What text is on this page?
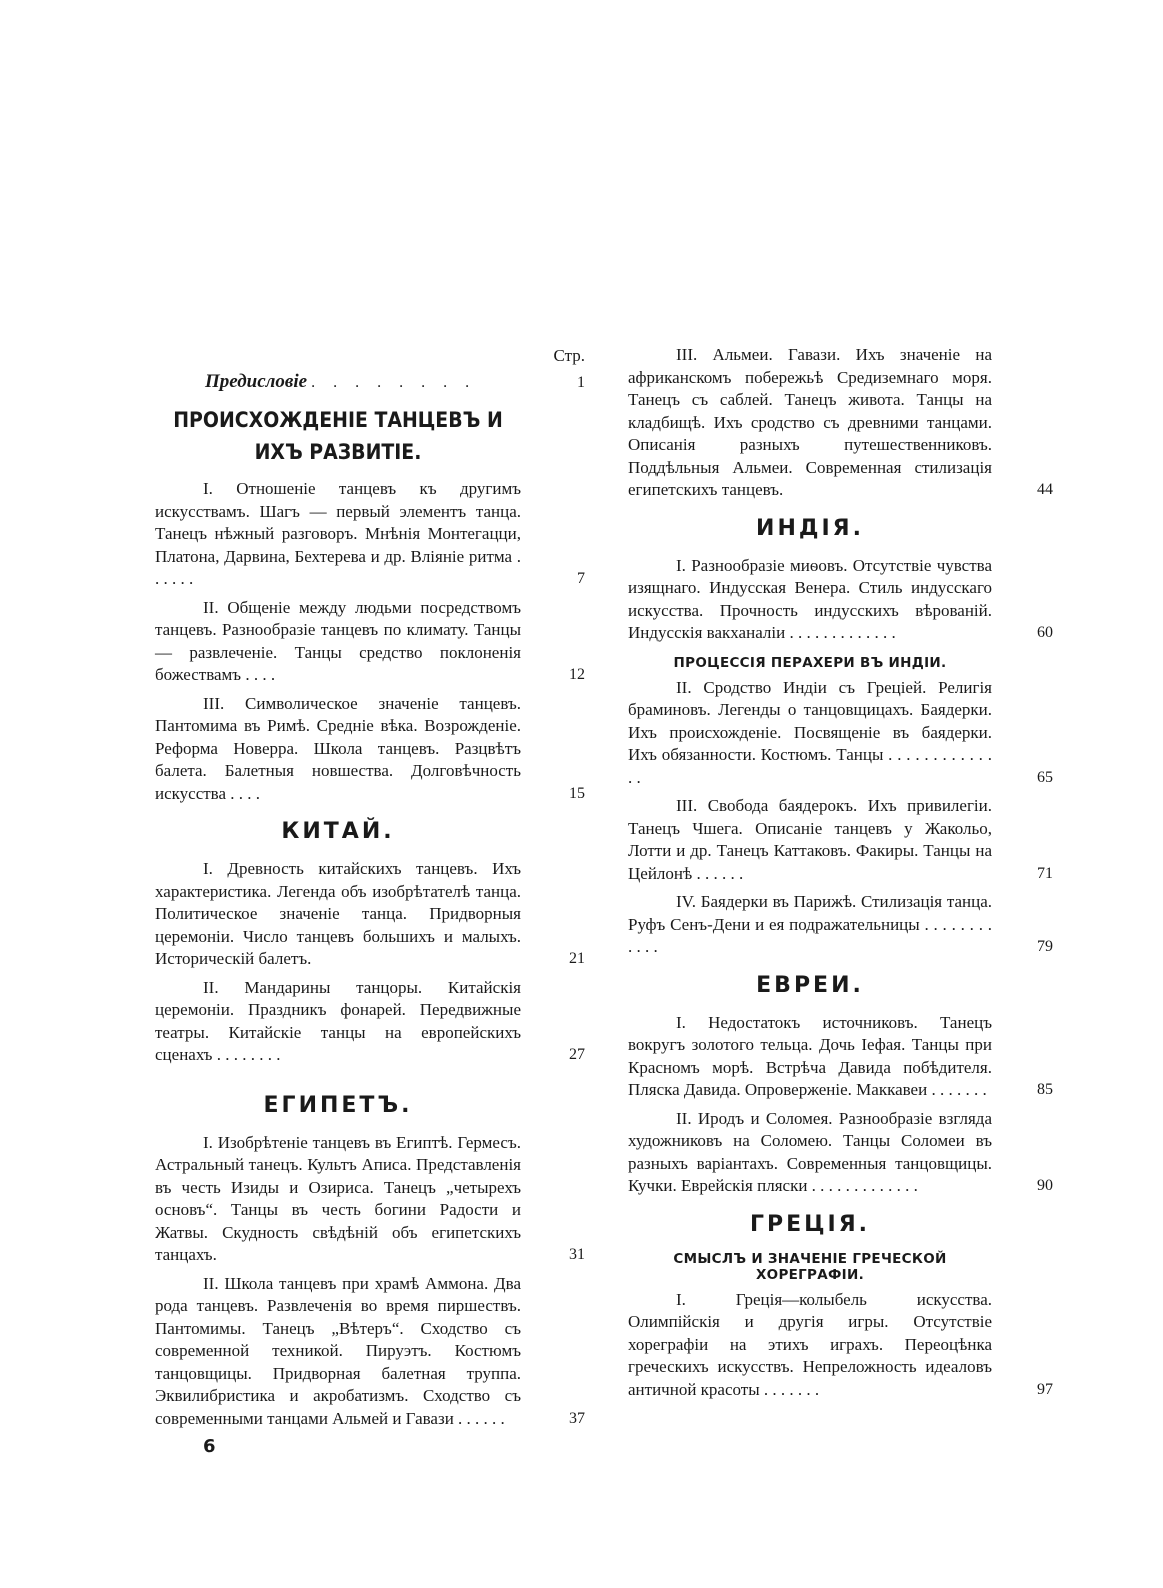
Стр.
Предисловіе . . . . . . . .	1
ПРОИСХОЖДЕНІЕ ТАНЦЕВЪ И ИХЪ РАЗВИТІЕ.
I. Отношеніе танцевъ къ другимъ искусствамъ. Шагъ — первый элементъ танца. Танецъ нѣжный разговоръ. Мнѣнія Монтегацци, Платона, Дарвина, Бехтерева и др. Вліяніе ритма . . . . . .	7
II. Общеніе между людьми посредствомъ танцевъ. Разнообразіе танцевъ по климату. Танцы — развлеченіе. Танцы средство поклоненія божествамъ . . . .	12
III. Символическое значеніе танцевъ. Пантомима въ Римѣ. Средніе вѣка. Возрожденіе. Реформа Новерра. Школа танцевъ. Разцвѣтъ балета. Балетныя новшества. Долговѣчность искусства . . . .	15
КИТАЙ.
I. Древность китайскихъ танцевъ. Ихъ характеристика. Легенда объ изобрѣтателѣ танца. Политическое значеніе танца. Придворныя церемоніи. Число танцевъ большихъ и малыхъ. Историческій балетъ.	21
II. Мандарины танцоры. Китайскія церемоніи. Праздникъ фонарей. Передвижные театры. Китайскіе танцы на европейскихъ сценахъ . . . . . . . .	27
ЕГИПЕТЪ.
I. Изобрѣтеніе танцевъ въ Египтѣ. Гермесъ. Астральный танецъ. Культъ Аписа. Представленія въ честь Изиды и Озириса. Танецъ „четырехъ основъ“. Танцы въ честь богини Радости и Жатвы. Скудность свѣдѣній объ египетскихъ танцахъ.	31
II. Школа танцевъ при храмѣ Аммона. Два рода танцевъ. Развлеченія во время пиршествъ. Пантомимы. Танецъ „Вѣтеръ“. Сходство съ современной техникой. Пируэтъ. Костюмъ танцовщицы. Придворная балетная труппа. Эквилибристика и акробатизмъ. Сходство съ современными танцами Альмей и Гавази . . . . . .	37
III. Альмеи. Гавази. Ихъ значеніе на африканскомъ побережьѣ Средиземнаго моря. Танецъ съ саблей. Танецъ живота. Танцы на кладбищѣ. Ихъ сродство съ древними танцами. Описанія разныхъ путешественниковъ. Поддѣльныя Альмеи. Современная стилизація египетскихъ танцевъ.	44
ИНДІЯ.
I. Разнообразіе миѳовъ. Отсутствіе чувства изящнаго. Индусская Венера. Стиль индусскаго искусства. Прочность индусскихъ вѣрованій. Индусскія вакханаліи . . . . . . . . . . . . .	60
ПРОЦЕССІЯ ПЕРАХЕРИ ВЪ ИНДІИ.
II. Сродство Индіи съ Греціей. Религія браминовъ. Легенды о танцовщицахъ. Баядерки. Ихъ происхожденіе. Посвященіе въ баядерки. Ихъ обязанности. Костюмъ. Танцы . . . . . . . . . . . . . .	65
III. Свобода баядерокъ. Ихъ привилегіи. Танецъ Чшега. Описаніе танцевъ у Жакольо, Лотти и др. Танецъ Каттаковъ. Факиры. Танцы на Цейлонѣ . . . . . .	71
IV. Баядерки въ Парижѣ. Стилизація танца. Руфъ Сенъ-Дени и ея подражательницы . . . . . . . . . . . .	79
ЕВРЕИ.
I. Недостатокъ источниковъ. Танецъ вокругъ золотого тельца. Дочь Іефая. Танцы при Красномъ морѣ. Встрѣча Давида побѣдителя. Пляска Давида. Опроверженіе. Маккавеи . . . . . . .	85
II. Иродъ и Соломея. Разнообразіе взгляда художниковъ на Соломею. Танцы Соломеи въ разныхъ варіантахъ. Современныя танцовщицы. Кучки. Еврейскія пляски . . . . . . . . . . . . .	90
ГРЕЦІЯ.
СМЫСЛЪ И ЗНАЧЕНІЕ ГРЕЧЕСКОЙ ХОРЕГРАФІИ.
I. Греція—колыбель искусства. Олимпійскія и другія игры. Отсутствіе хореграфіи на этихъ играхъ. Переоцѣнка греческихъ искусствъ. Непреложность идеаловъ античной красоты . . . . . . .	97
6
